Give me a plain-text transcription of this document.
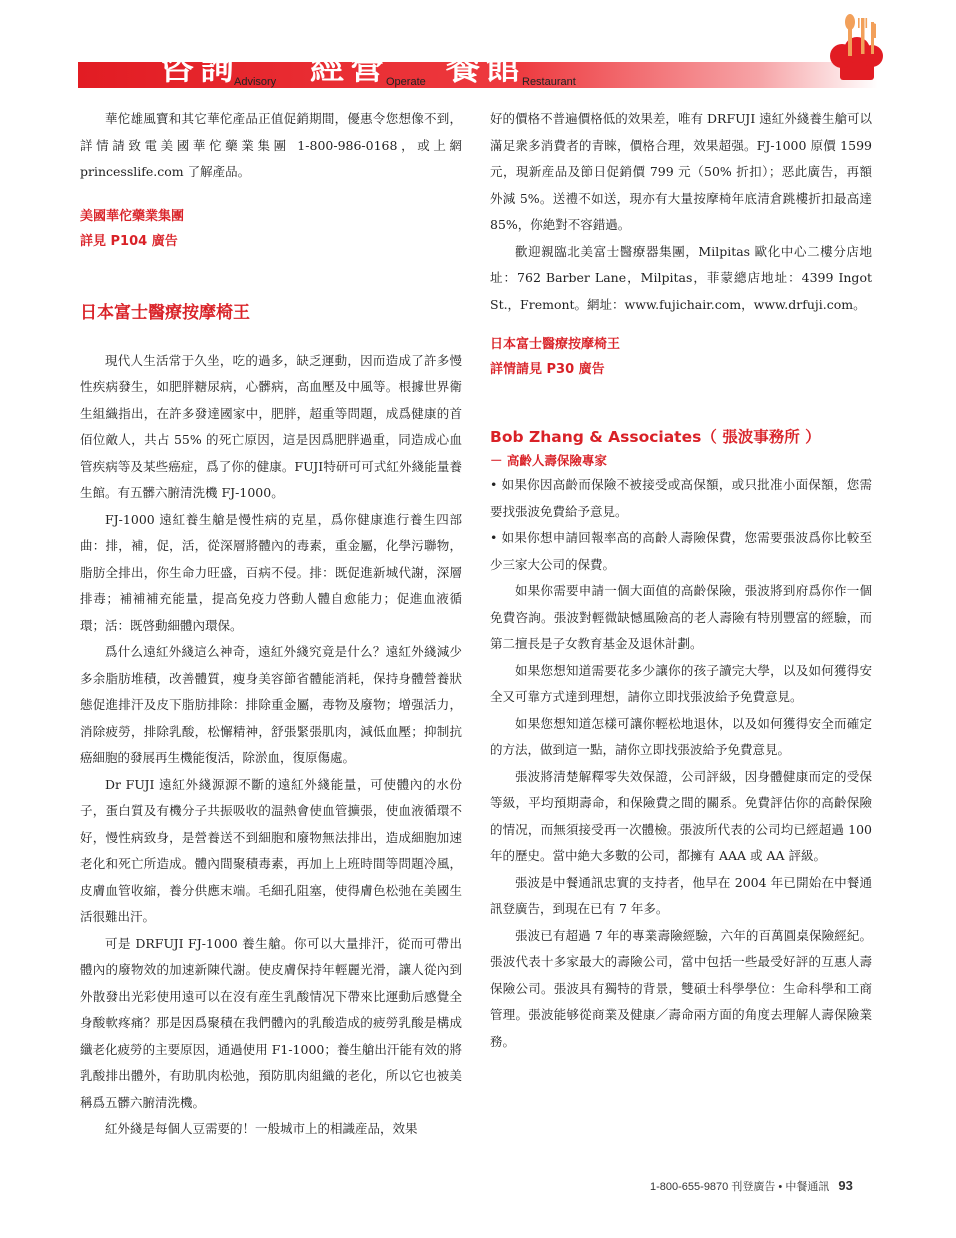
咨詢
Advisory 經營
Operate 餐館
Restaurant

華佗雄風寶和其它華佗產品正值促銷期間，優惠令您想像不到，詳情請致電美國華佗藥業集團 1-800-986-0168，或上網princesslife.com 了解產品。

美國華佗藥業集團

詳見 P104 廣告

日本富士醫療按摩椅王

現代人生活常于久坐，吃的過多，缺乏運動，因而造成了許多慢性疾病發生，如肥胖糖尿病，心髒病，高血壓及中風等。根據世界衛生組織指出，在許多發達國家中，肥胖，超重等問題，成爲健康的首佰位敵人，共占 55% 的死亡原因，這是因爲肥胖過重，同造成心血管疾病等及某些癌症，爲了你的健康。FUJI特研可可式紅外綫能量養生館。有五髒六腑清洗機 FJ-1000。

FJ-1000 遠紅養生艙是慢性病的克星，爲你健康進行養生四部曲：排，補，促，活，從深層將體內的毒素，重金屬，化學污聯物，脂肪全排出，你生命力旺盛，百病不侵。排：既促進新城代謝，深層排毒；補補補充能量，提高免疫力啓動人體自愈能力；促進血液循環；活：既啓動細體內環保。

爲什么遠紅外綫這么神奇，遠紅外綫究竟是什么？遠紅外綫減少多余脂肪堆積，改善體質，瘦身美容節省體能消耗，保持身體營養狀態促進排汗及皮下脂肪排除：排除重金屬，毒物及廢物；增强活力，消除疲勞，排除乳酸，松懈精神，舒張緊張肌肉，減低血壓；抑制抗癌細胞的發展再生機能復活，除淤血，復原傷處。

Dr FUJI 遠紅外綫源源不斷的遠紅外綫能量，可使體內的水份子，蛋白質及有機分子共振吸收的温熱會使血管擴張，使血液循環不好，慢性病致身，是營養送不到細胞和廢物無法排出，造成細胞加速老化和死亡所造成。體內間聚積毒素，再加上上班時間等問題冷風，皮膚血管收縮，養分供應末端。毛細孔阻塞，使得膚色松弛在美國生活很難出汗。

可是 DRFUJI FJ-1000 養生艙。你可以大量排汗，從而可帶出體內的廢物效的加速新陳代謝。使皮膚保持年輕麗光滑，讓人從內到外散發出光彩使用遠可以在沒有産生乳酸情况下帶來比運動后感覺全身酸軟疼痛？那是因爲聚積在我們體內的乳酸造成的疲勞乳酸是構成纖老化疲勞的主要原因，通過使用 F1-1000；養生艙出汗能有效的將乳酸排出體外，有助肌肉松弛，預防肌肉組織的老化，所以它也被美稱爲五髒六腑清洗機。

紅外綫是每個人豆需要的！一般城市上的相識産品，效果

好的價格不普遍價格低的效果差，唯有 DRFUJI 遠紅外綫養生艙可以滿足衆多消費者的青睞，價格合理，效果超强。FJ-1000 原價 1599 元，現新産品及節日促銷價 799 元（50% 折扣）；恶此廣告，再額外減 5%。送禮不如送，現亦有大量按摩椅年底清倉跳樓折扣最高達 85%，你絶對不容錯過。

歡迎親臨北美富士醫療器集團，Milpitas 歐化中心二樓分店地址：762 Barber Lane，Milpitas，菲蒙總店地址：4399 Ingot St.，Fremont。網址：www.fujichair.com，www.drfuji.com。

日本富士醫療按摩椅王

詳情請見 P30 廣告

Bob Zhang & Associates（ 張波事務所 ）

－ 高齡人壽保險專家

• 如果你因高齡而保險不被接受或高保額，或只批准小面保額，您需要找張波免費給予意見。

• 如果你想申請回報率高的高齡人壽險保費，您需要張波爲你比較至少三家大公司的保費。

如果你需要申請一個大面值的高齡保險，張波將到府爲你作一個免費咨詢。張波對輕微缺憾風險高的老人壽險有特別豐富的經驗，而第二擅長是子女教育基金及退休計劃。

如果您想知道需要花多少讓你的孩子讀完大學，以及如何獲得安全又可靠方式達到理想，請你立即找張波給予免費意見。

如果您想知道怎樣可讓你輕松地退休，以及如何獲得安全而確定的方法，做到這一點，請你立即找張波給予免費意見。

張波將清楚解釋零失效保證，公司評級，因身體健康而定的受保等級，平均預期壽命，和保險費之間的關系。免費評估你的高齡保險的情况，而無須接受再一次體檢。張波所代表的公司均已經超過 100 年的歷史。當中絶大多數的公司，都擁有 AAA 或 AA 評級。

張波是中餐通訊忠實的支持者，他早在 2004 年已開始在中餐通訊登廣告，到現在已有 7 年多。

張波已有超過 7 年的專業壽險經驗，六年的百萬圓桌保險經紀。張波代表十多家最大的壽險公司，當中包括一些最受好評的互惠人壽保險公司。張波具有獨特的背景，雙碩士科學學位：生命科學和工商管理。張波能够從商業及健康／壽命兩方面的角度去理解人壽保險業務。

1-800-655-9870 刊登廣告 • 中餐通訊 93
